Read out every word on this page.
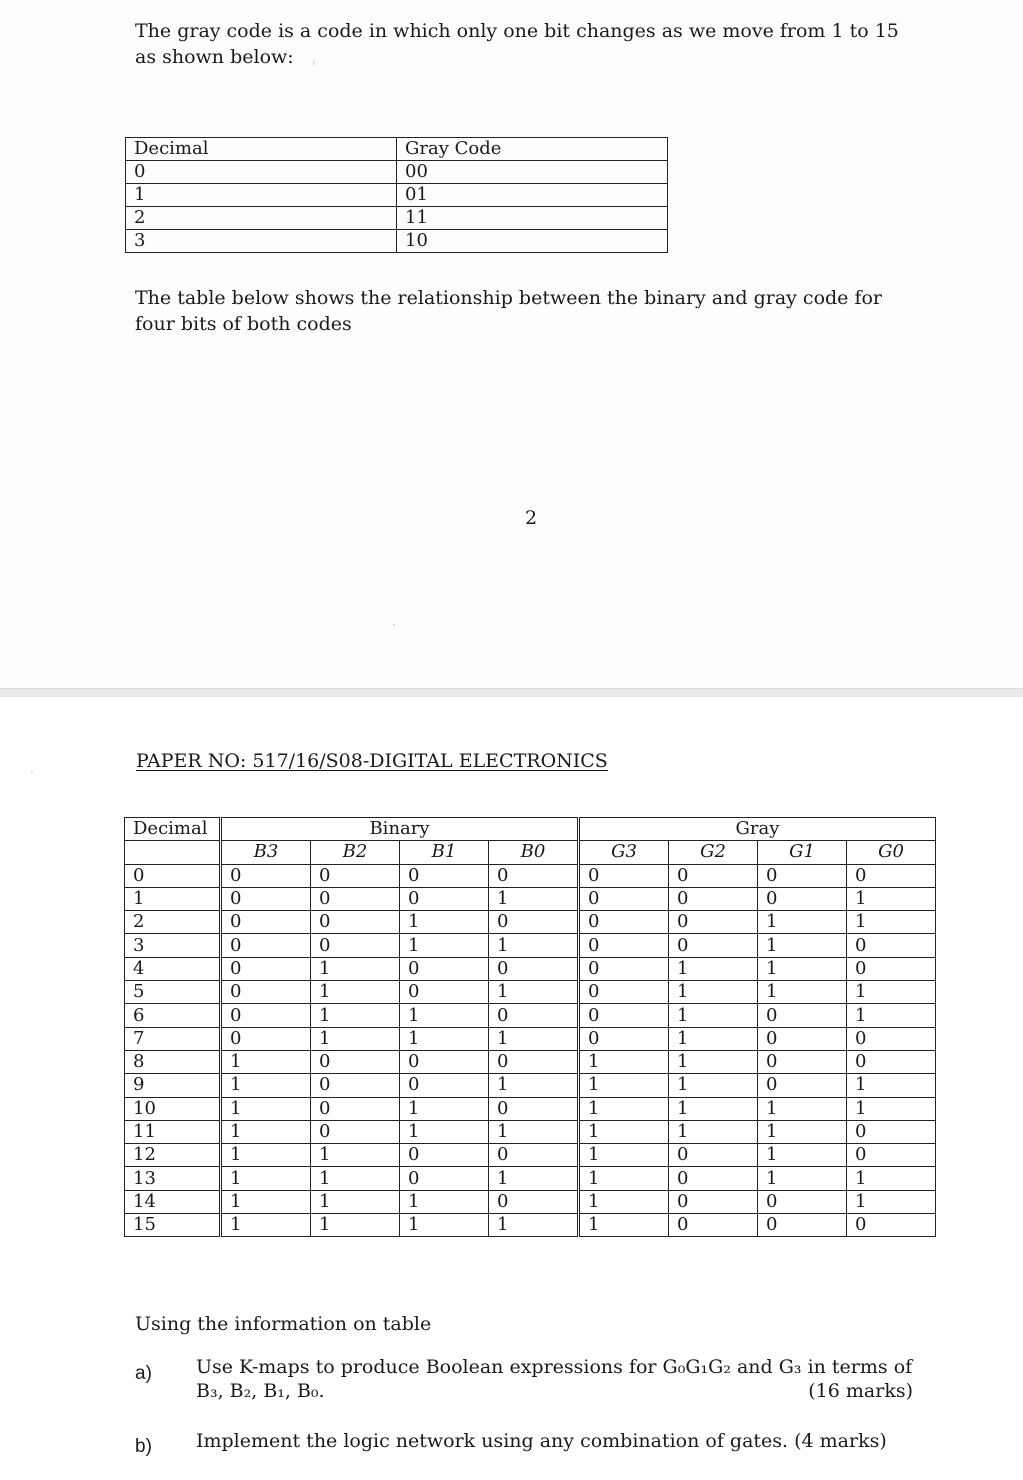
The gray code is a code in which only one bit changes as we move from 1 to 15
as shown below:

Decimal	Gray Code
0	00
1	01
2	11
3	10

The table below shows the relationship between the binary and gray code for
four bits of both codes

2
⁾
·
·	PAPER NO: 517/16/S08-DIGITAL ELECTRONICS
Decimal	Binary				Gray			
	B3	B2	B1	B0	G3	G2	G1	G0
0	0	0	0	0	0	0	0	0
1	0	0	0	1	0	0	0	1
2	0	0	1	0	0	0	1	1
3	0	0	1	1	0	0	1	0
4	0	1	0	0	0	1	1	0
5	0	1	0	1	0	1	1	1
6	0	1	1	0	0	1	0	1
7	0	1	1	1	0	1	0	0
8	1	0	0	0	1	1	0	0
9	1	0	0	1	1	1	0	1
10	1	0	1	0	1	1	1	1
11	1	0	1	1	1	1	1	0
12	1	1	0	0	1	0	1	0
13	1	1	0	1	1	0	1	1
14	1	1	1	0	1	0	0	1
15	1	1	1	1	1	0	0	0

Using the information on table

a) Use K-maps to produce Boolean expressions for G₀G₁G₂ and G₃ in terms of

B₃, B₂, B₁, B₀.	(16 marks)
b) Implement the logic network using any combination of gates. (4 marks)
